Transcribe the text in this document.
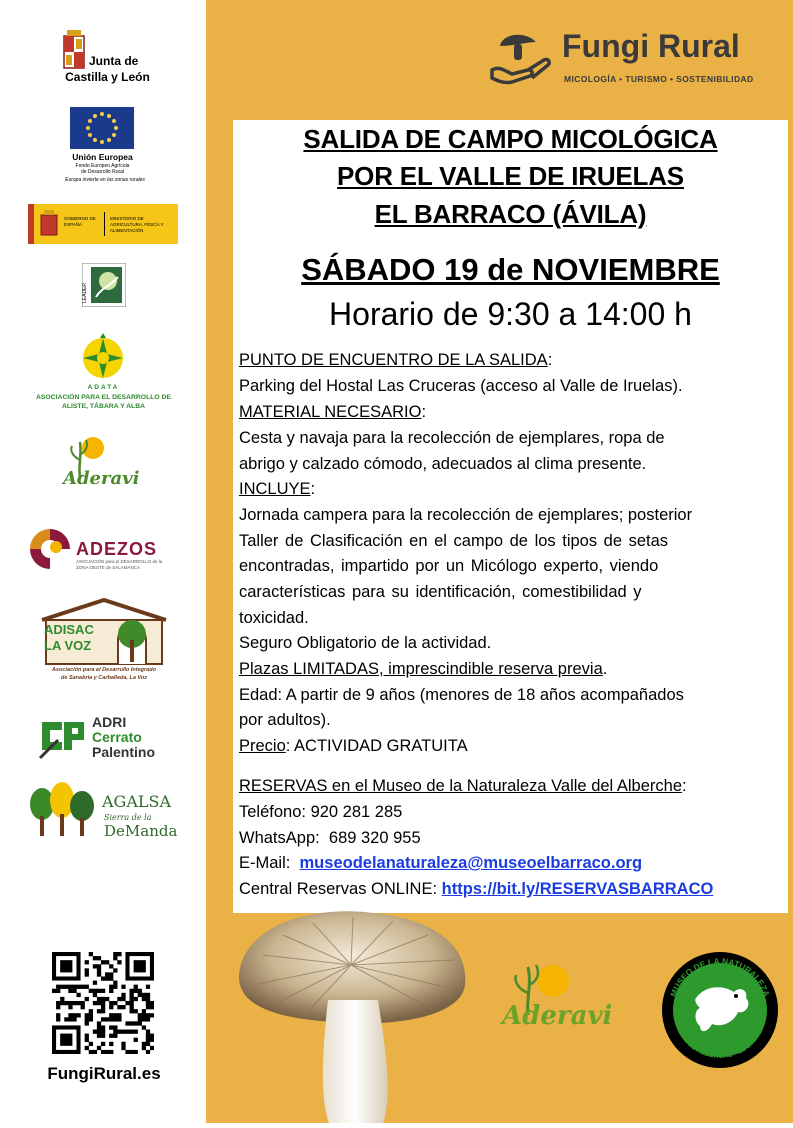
Junta de
Castilla y León
Unión Europea
Fondo Europeo Agrícola
de Desarrollo Rural
Europa invierte en las zonas rurales
GOBIERNO DE ESPAÑA
MINISTERIO DE AGRICULTURA, PESCA Y ALIMENTACIÓN
LEADER
ADATA
ASOCIACIÓN PARA EL DESARROLLO DE
ALISTE, TÁBARA Y ALBA
Aderavi
ADEZOS
ASOCIACIÓN para el DESARROLLO de la
ZONA OESTE de SALAMANCA
ADISAC
LA VOZ
Asociación para el Desarrollo Integrado
de Sanabria y Carballeda, La Voz
ADRI
Cerrato
Palentino
AGALSA
Sierra de la
DeManda
FungiRural.es
Fungi Rural
MICOLOGÍA • TURISMO • SOSTENIBILIDAD
SALIDA DE CAMPO MICOLÓGICA
POR EL VALLE DE IRUELAS
EL BARRACO (ÁVILA)
SÁBADO 19 de NOVIEMBRE
Horario de 9:30 a 14:00 h
PUNTO DE ENCUENTRO DE LA SALIDA:
Parking del Hostal Las Cruceras (acceso al Valle de Iruelas).
MATERIAL NECESARIO:
Cesta y navaja para la recolección de ejemplares, ropa de
abrigo y calzado cómodo, adecuados al clima presente.
INCLUYE:
Jornada campera para la recolección de ejemplares; posterior
Taller de Clasificación en el campo de los tipos de setas
encontradas, impartido por un Micólogo experto, viendo
características para su identificación, comestibilidad y
toxicidad.
Seguro Obligatorio de la actividad.
Plazas LIMITADAS, imprescindible reserva previa.
Edad: A partir de 9 años (menores de 18 años acompañados
por adultos).
Precio: ACTIVIDAD GRATUITA
RESERVAS en el Museo de la Naturaleza Valle del Alberche:
Teléfono: 920 281 285
WhatsApp: 689 320 955
E-Mail: museodelanaturaleza@museoelbarraco.org
Central Reservas ONLINE: https://bit.ly/RESERVASBARRACO
Aderavi
MUSEO DE LA NATURALEZA
VALLE DEL ALBERCHE - EL BARRACO
